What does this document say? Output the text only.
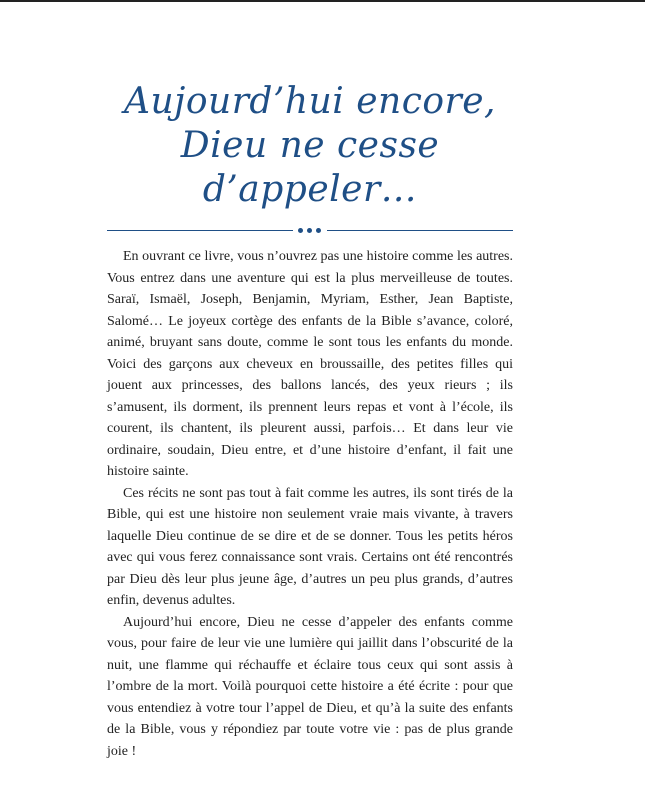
Aujourd’hui encore,
Dieu ne cesse d’appeler…

En ouvrant ce livre, vous n’ouvrez pas une histoire comme les autres. Vous entrez dans une aventure qui est la plus merveilleuse de toutes. Saraï, Ismaël, Joseph, Benjamin, Myriam, Esther, Jean Baptiste, Salomé… Le joyeux cortège des enfants de la Bible s’avance, coloré, animé, bruyant sans doute, comme le sont tous les enfants du monde. Voici des garçons aux cheveux en broussaille, des petites filles qui jouent aux princesses, des ballons lancés, des yeux rieurs ; ils s’amusent, ils dorment, ils prennent leurs repas et vont à l’école, ils courent, ils chantent, ils pleurent aussi, parfois… Et dans leur vie ordinaire, soudain, Dieu entre, et d’une histoire d’enfant, il fait une histoire sainte.

Ces récits ne sont pas tout à fait comme les autres, ils sont tirés de la Bible, qui est une histoire non seulement vraie mais vivante, à travers laquelle Dieu continue de se dire et de se donner. Tous les petits héros avec qui vous ferez connaissance sont vrais. Certains ont été rencontrés par Dieu dès leur plus jeune âge, d’autres un peu plus grands, d’autres enfin, devenus adultes.

Aujourd’hui encore, Dieu ne cesse d’appeler des enfants comme vous, pour faire de leur vie une lumière qui jaillit dans l’obscurité de la nuit, une flamme qui réchauffe et éclaire tous ceux qui sont assis à l’ombre de la mort. Voilà pourquoi cette histoire a été écrite : pour que vous entendiez à votre tour l’appel de Dieu, et qu’à la suite des enfants de la Bible, vous y répondiez par toute votre vie : pas de plus grande joie !
